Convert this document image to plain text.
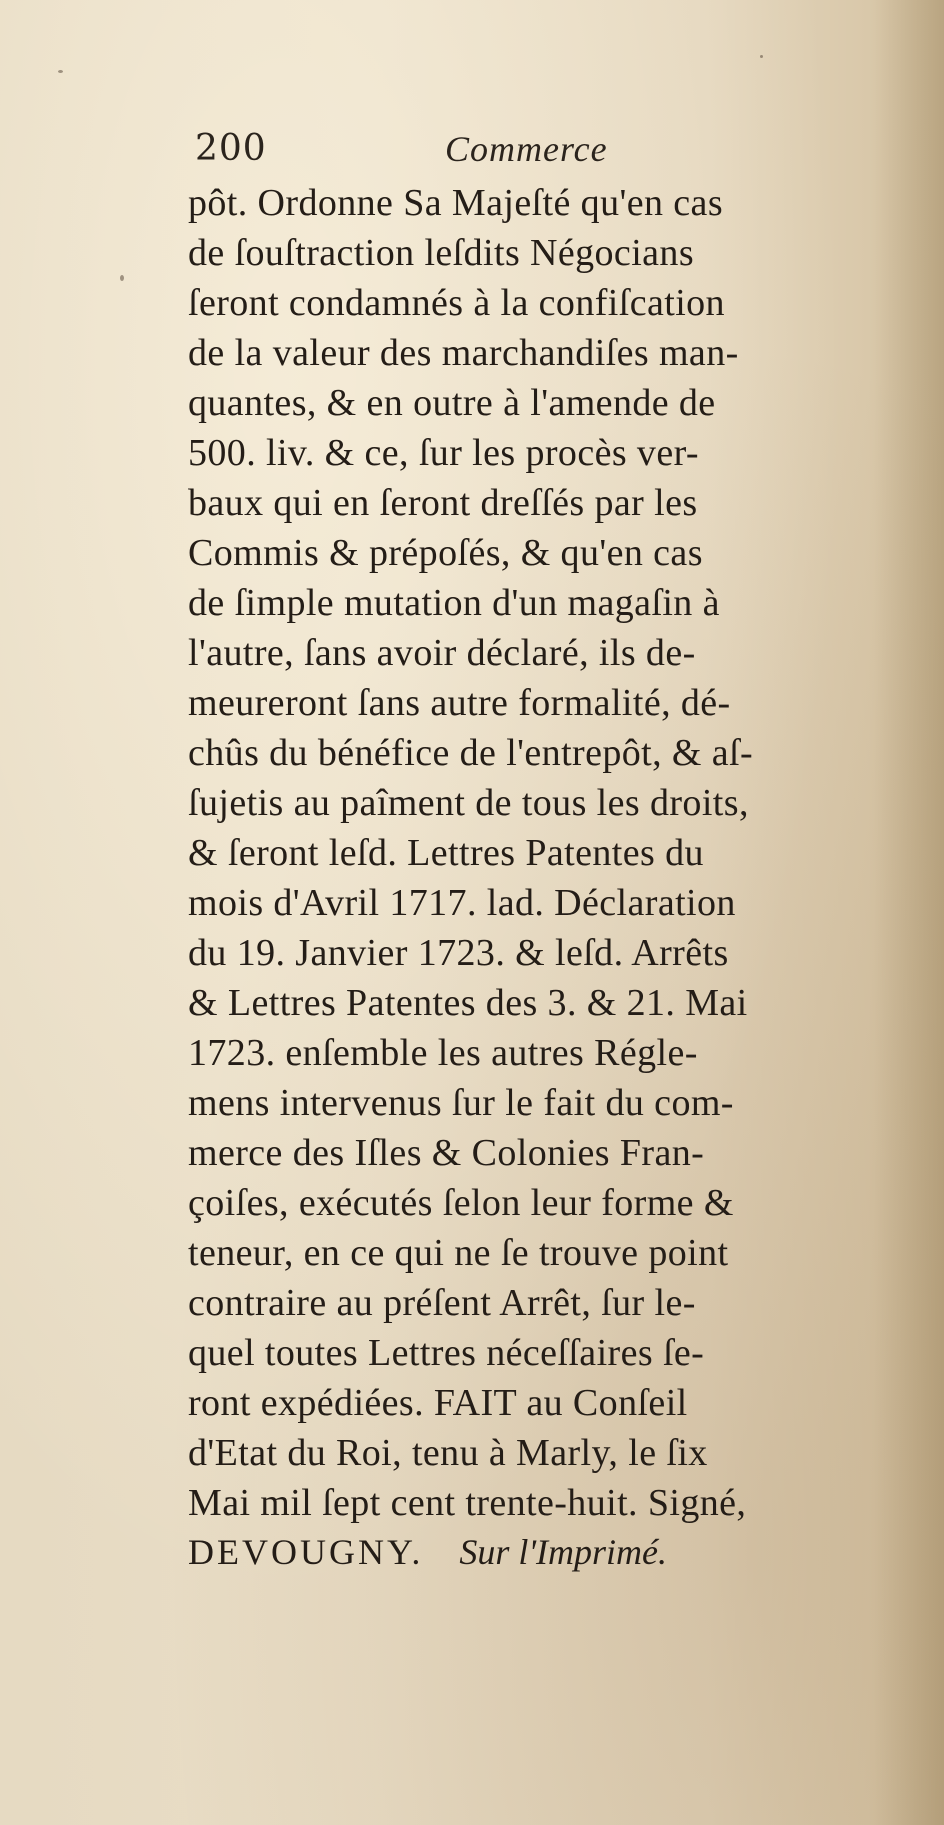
200	Commerce
pôt. Ordonne Sa Majeſté qu'en cas
de ſouſtraction leſdits Négocians
ſeront condamnés à la confiſcation
de la valeur des marchandiſes man-
quantes, & en outre à l'amende de
500. liv. & ce, ſur les procès ver-
baux qui en ſeront dreſſés par les
Commis & prépoſés, & qu'en cas
de ſimple mutation d'un magaſin à
l'autre, ſans avoir déclaré, ils de-
meureront ſans autre formalité, dé-
chûs du bénéfice de l'entrepôt, & aſ-
ſujetis au paîment de tous les droits,
& ſeront leſd. Lettres Patentes du
mois d'Avril 1717. lad. Déclaration
du 19. Janvier 1723. & leſd. Arrêts
& Lettres Patentes des 3. & 21. Mai
1723. enſemble les autres Régle-
mens intervenus ſur le fait du com-
merce des Iſles & Colonies Fran-
çoiſes, exécutés ſelon leur forme &
teneur, en ce qui ne ſe trouve point
contraire au préſent Arrêt, ſur le-
quel toutes Lettres néceſſaires ſe-
ront expédiées. FAIT au Conſeil
d'Etat du Roi, tenu à Marly, le ſix
Mai mil ſept cent trente-huit. Signé,
DEVOUGNY. Sur l'Imprimé.
